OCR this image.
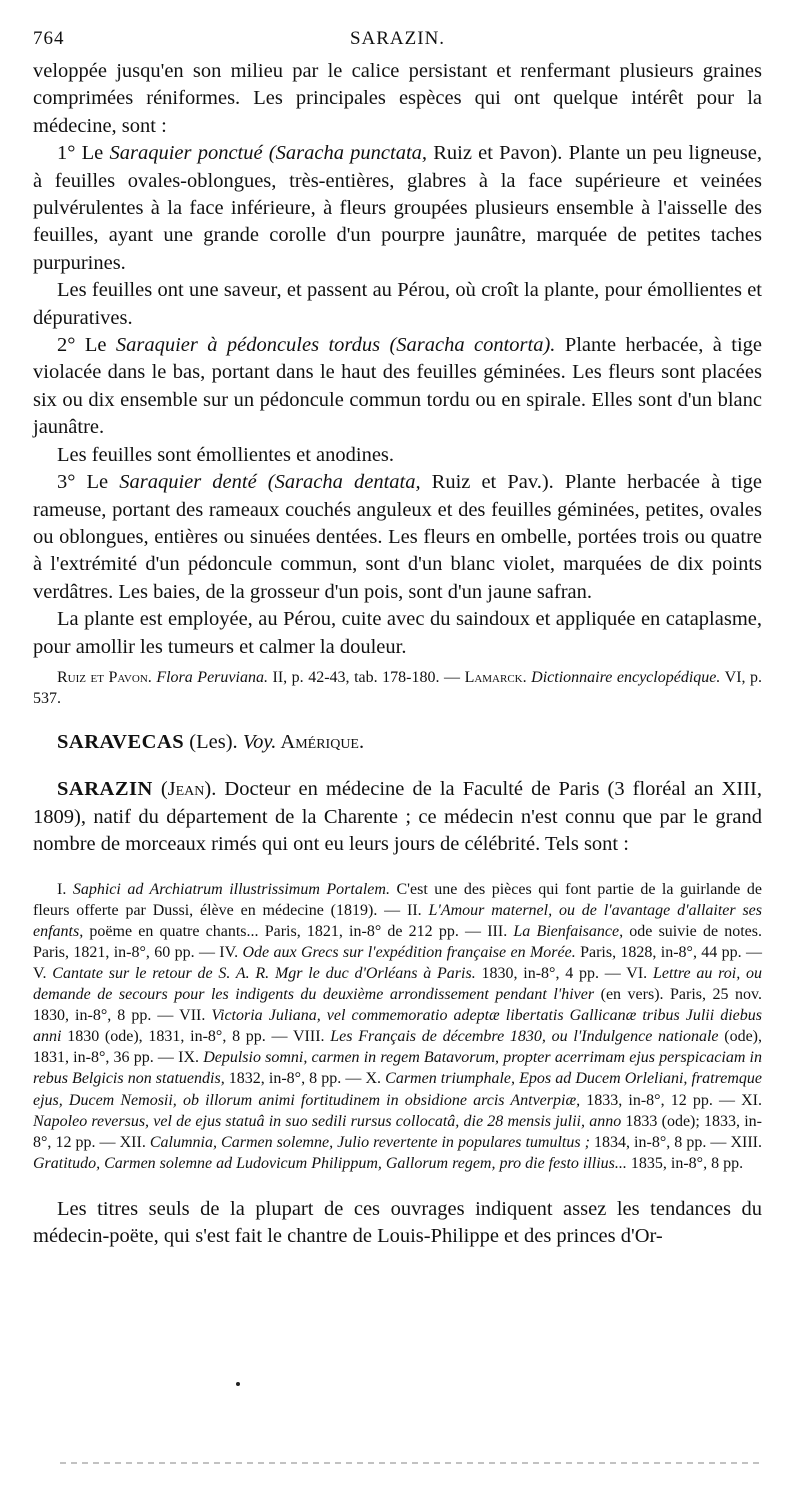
764	SARAZIN.

veloppée jusqu'en son milieu par le calice persistant et renfermant plusieurs graines comprimées réniformes. Les principales espèces qui ont quelque intérêt pour la médecine, sont :

1° Le Saraquier ponctué (Saracha punctata, Ruiz et Pavon). Plante un peu ligneuse, à feuilles ovales-oblongues, très-entières, glabres à la face supérieure et veinées pulvérulentes à la face inférieure, à fleurs groupées plusieurs ensemble à l'aisselle des feuilles, ayant une grande corolle d'un pourpre jaunâtre, marquée de petites taches purpurines.

Les feuilles ont une saveur, et passent au Pérou, où croît la plante, pour émollientes et dépuratives.

2° Le Saraquier à pédoncules tordus (Saracha contorta). Plante herbacée, à tige violacée dans le bas, portant dans le haut des feuilles géminées. Les fleurs sont placées six ou dix ensemble sur un pédoncule commun tordu ou en spirale. Elles sont d'un blanc jaunâtre.

Les feuilles sont émollientes et anodines.

3° Le Saraquier denté (Saracha dentata, Ruiz et Pav.). Plante herbacée à tige rameuse, portant des rameaux couchés anguleux et des feuilles géminées, petites, ovales ou oblongues, entières ou sinuées dentées. Les fleurs en ombelle, portées trois ou quatre à l'extrémité d'un pédoncule commun, sont d'un blanc violet, marquées de dix points verdâtres. Les baies, de la grosseur d'un pois, sont d'un jaune safran.

La plante est employée, au Pérou, cuite avec du saindoux et appliquée en cataplasme, pour amollir les tumeurs et calmer la douleur.

Ruiz et Pavon. Flora Peruviana. II, p. 42-43, tab. 178-180. — Lamarck. Dictionnaire encyclopédique. VI, p. 537.

SARAVECAS (Les). Voy. Amérique.

SARAZIN (Jean). Docteur en médecine de la Faculté de Paris (3 floréal an XIII, 1809), natif du département de la Charente ; ce médecin n'est connu que par le grand nombre de morceaux rimés qui ont eu leurs jours de célébrité. Tels sont :

I. Saphici ad Archiatrum illustrissimum Portalem. C'est une des pièces qui font partie de la guirlande de fleurs offerte par Dussi, élève en médecine (1819). — II. L'Amour maternel, ou de l'avantage d'allaiter ses enfants, poëme en quatre chants... Paris, 1821, in-8° de 212 pp. — III. La Bienfaisance, ode suivie de notes. Paris, 1821, in-8°, 60 pp. — IV. Ode aux Grecs sur l'expédition française en Morée. Paris, 1828, in-8°, 44 pp. — V. Cantate sur le retour de S. A. R. Mgr le duc d'Orléans à Paris. 1830, in-8°, 4 pp. — VI. Lettre au roi, ou demande de secours pour les indigents du deuxième arrondissement pendant l'hiver (en vers). Paris, 25 nov. 1830, in-8°, 8 pp. — VII. Victoria Juliana, vel commemoratio adeptæ libertatis Gallicanæ tribus Julii diebus anni 1830 (ode), 1831, in-8°, 8 pp. — VIII. Les Français de décembre 1830, ou l'Indulgence nationale (ode), 1831, in-8°, 36 pp. — IX. Depulsio somni, carmen in regem Batavorum, propter acerrimam ejus perspicaciam in rebus Belgicis non statuendis, 1832, in-8°, 8 pp. — X. Carmen triumphale, Epos ad Ducem Orleliani, fratremque ejus, Ducem Nemosii, ob illorum animi fortitudinem in obsidione arcis Antverpiæ, 1833, in-8°, 12 pp. — XI. Napoleo reversus, vel de ejus statuâ in suo sedili rursus collocatâ, die 28 mensis julii, anno 1833 (ode); 1833, in-8°, 12 pp. — XII. Calumnia, Carmen solemne, Julio revertente in populares tumultus ; 1834, in-8°, 8 pp. — XIII. Gratitudo, Carmen solemne ad Ludovicum Philippum, Gallorum regem, pro die festo illius... 1835, in-8°, 8 pp.

Les titres seuls de la plupart de ces ouvrages indiquent assez les tendances du médecin-poëte, qui s'est fait le chantre de Louis-Philippe et des princes d'Or-
